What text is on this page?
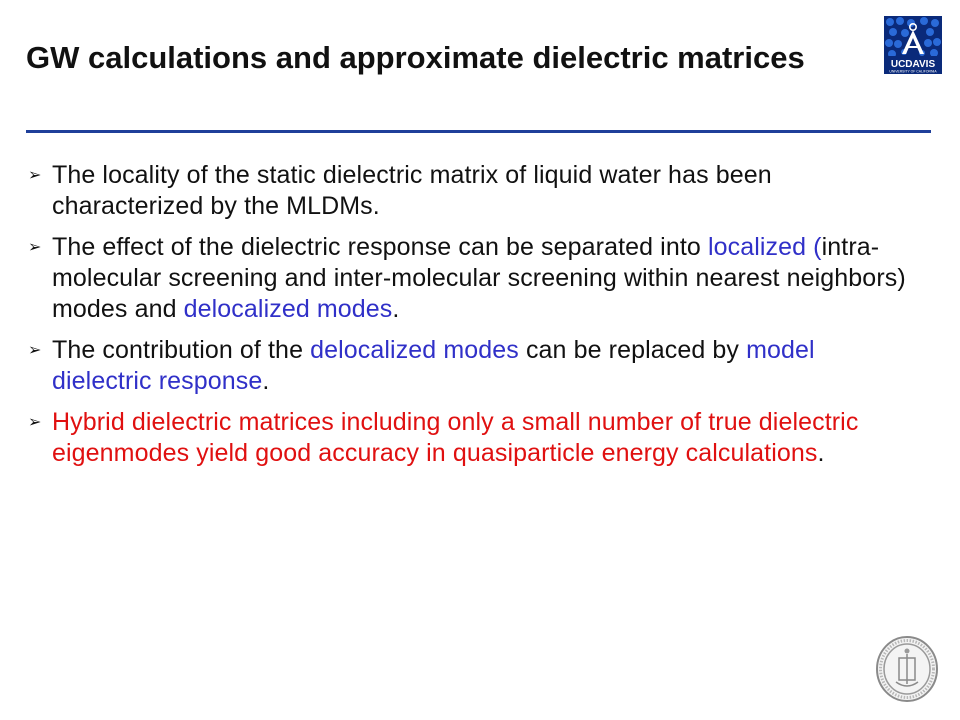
GW calculations and approximate dielectric matrices	UCDAVIS
UNIVERSITY OF CALIFORNIA
➢ The locality of the static dielectric matrix of liquid water has been characterized by the MLDMs.
➢ The effect of the dielectric response can be separated into localized (intra-molecular screening and inter-molecular screening within nearest neighbors) modes and delocalized modes.
➢ The contribution of the delocalized modes can be replaced by model dielectric response.
➢ Hybrid dielectric matrices including only a small number of true dielectric eigenmodes yield good accuracy in quasiparticle energy calculations.
